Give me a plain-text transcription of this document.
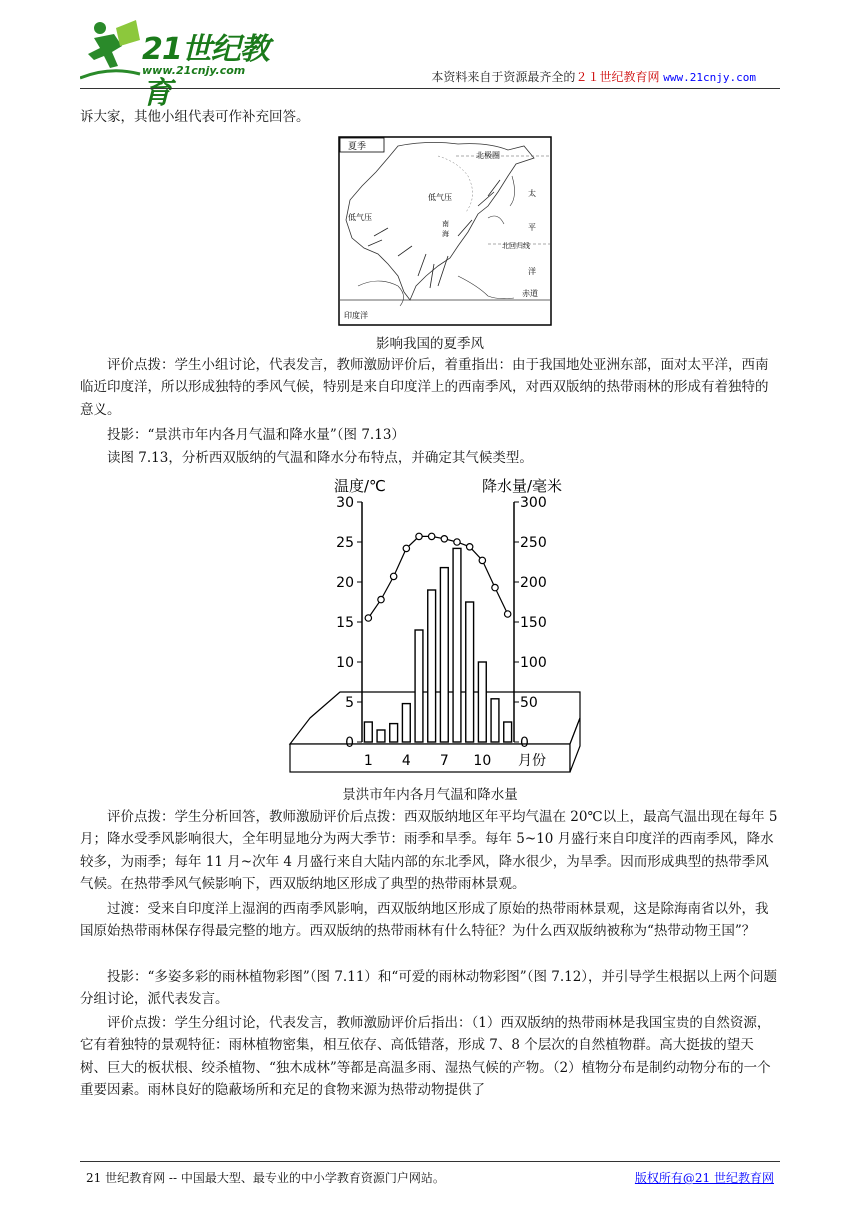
21世纪教育
www.21cnjy.com	本资料来自于资源最齐全的２１世纪教育网 www.21cnjy.com
诉大家，其他小组代表可作补充回答。
夏季
北极圈
低气压
低气压
太
平
洋
北回归线
赤道
印度洋
南
海
影响我国的夏季风
评价点拨：学生小组讨论，代表发言，教师激励评价后，着重指出：由于我国地处亚洲东部，面对太平洋，西南临近印度洋，所以形成独特的季风气候，特别是来自印度洋上的西南季风，对西双版纳的热带雨林的形成有着独特的意义。
投影：“景洪市年内各月气温和降水量”（图 7.13）
读图 7.13，分析西双版纳的气温和降水分布特点，并确定其气候类型。
温度/℃	降水量/毫米
0
5
10
15
20
25
30
0
50
100
150
200
250
300
1 4 7 10 月份
景洪市年内各月气温和降水量
评价点拨：学生分析回答，教师激励评价后点拨：西双版纳地区年平均气温在 20℃以上，最高气温出现在每年 5 月；降水受季风影响很大，全年明显地分为两大季节：雨季和旱季。每年 5~10 月盛行来自印度洋的西南季风，降水较多，为雨季；每年 11 月~次年 4 月盛行来自大陆内部的东北季风，降水很少，为旱季。因而形成典型的热带季风气候。在热带季风气候影响下，西双版纳地区形成了典型的热带雨林景观。
过渡：受来自印度洋上湿润的西南季风影响，西双版纳地区形成了原始的热带雨林景观，这是除海南省以外，我国原始热带雨林保存得最完整的地方。西双版纳的热带雨林有什么特征？为什么西双版纳被称为“热带动物王国”？
投影：“多姿多彩的雨林植物彩图”（图 7.11）和“可爱的雨林动物彩图”（图 7.12），并引导学生根据以上两个问题分组讨论，派代表发言。
评价点拨：学生分组讨论，代表发言，教师激励评价后指出：（1）西双版纳的热带雨林是我国宝贵的自然资源，它有着独特的景观特征：雨林植物密集，相互依存、高低错落，形成 7、8 个层次的自然植物群。高大挺拔的望天树、巨大的板状根、绞杀植物、“独木成林”等都是高温多雨、湿热气候的产物。（2）植物分布是制约动物分布的一个重要因素。雨林良好的隐蔽场所和充足的食物来源为热带动物提供了
21 世纪教育网 -- 中国最大型、最专业的中小学教育资源门户网站。	版权所有@21 世纪教育网
